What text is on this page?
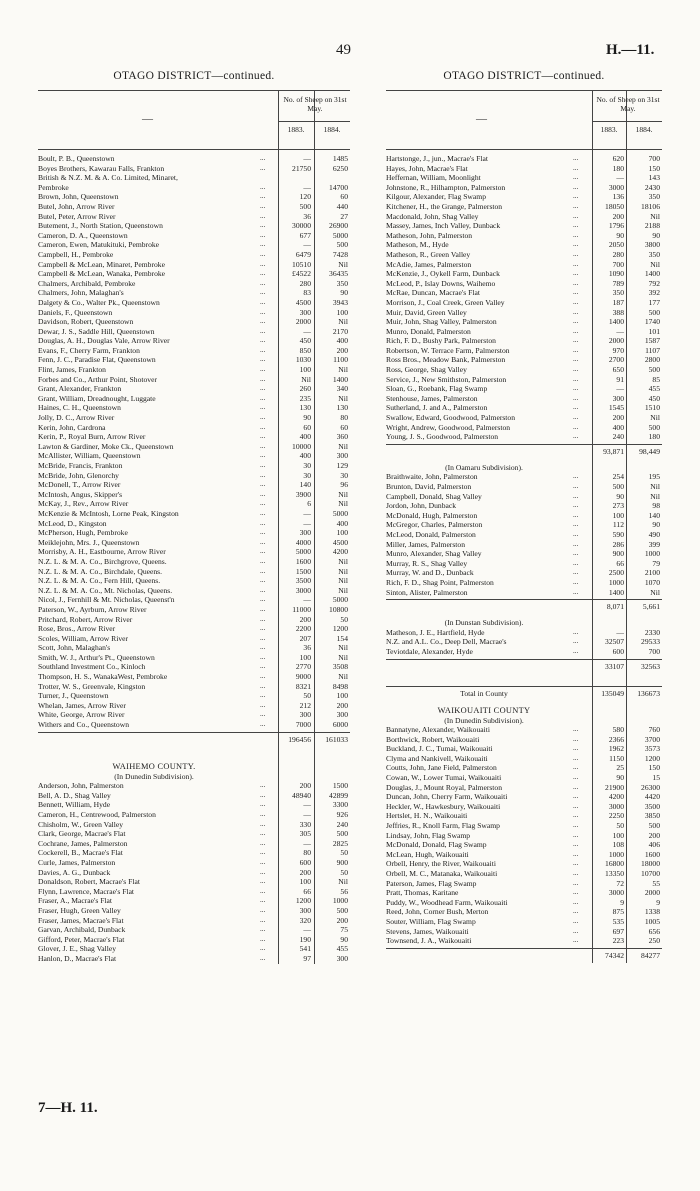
49	H.—11.
OTAGO DISTRICT—continued.
—
No. of Sheep on 31st May.
1883.	1884.
Boult, P. B., Queenstown	...	—	1485
Boyes Brothers, Kawarau Falls, Frankton	...	21750	6250
British & N.Z. M. & A. Co. Limited, Minaret,
Pembroke	...	—	14700
Brown, John, Queenstown	...	120	60
Butel, John, Arrow River	...	500	440
Butel, Peter, Arrow River	...	36	27
Butement, J., North Station, Queenstown	...	30000	26900
Cameron, D. A., Queenstown	...	677	5000
Cameron, Ewen, Matukituki, Pembroke	...	—	500
Campbell, H., Pembroke	...	6479	7428
Campbell & McLean, Minaret, Pembroke	...	10510	Nil
Campbell & McLean, Wanaka, Pembroke	...	£4522	36435
Chalmers, Archibald, Pembroke	...	280	350
Chalmers, John, Malaghan's	...	83	90
Dalgety & Co., Walter Pk., Queenstown	...	4500	3943
Daniels, F., Queenstown	...	300	100
Davidson, Robert, Queenstown	...	2000	Nil
Dewar, J. S., Saddle Hill, Queenstown	...	—	2170
Douglas, A. H., Douglas Vale, Arrow River	...	450	400
Evans, F., Cherry Farm, Frankton	...	850	200
Fenn, J. C., Paradise Flat, Queenstown	...	1030	1100
Flint, James, Frankton	...	100	Nil
Forbes and Co., Arthur Point, Shotover	...	Nil	1400
Grant, Alexander, Frankton	...	260	340
Grant, William, Dreadnought, Luggate	...	235	Nil
Haines, C. H., Queenstown	...	130	130
Jolly, D. C., Arrow River	...	90	80
Kerin, John, Cardrona	...	60	60
Kerin, P., Royal Burn, Arrow River	...	400	360
Lawton & Gardiner, Moke Ck., Queenstown	...	10000	Nil
McAllister, William, Queenstown	...	400	300
McBride, Francis, Frankton	...	30	129
McBride, John, Glenorchy	...	30	30
McDonell, T., Arrow River	...	140	96
McIntosh, Angus, Skipper's	...	3900	Nil
McKay, J., Rev., Arrow River	...	6	Nil
McKenzie & McIntosh, Lorne Peak, Kingston	...	—	5000
McLeod, D., Kingston	...	—	400
McPherson, Hugh, Pembroke	...	300	100
Meiklejohn, Mrs. J., Queenstown	...	4000	4500
Morrisby, A. H., Eastbourne, Arrow River	...	5000	4200
N.Z. L. & M. A. Co., Birchgrove, Queens.	...	1600	Nil
N.Z. L. & M. A. Co., Birchdale, Queens.	...	1500	Nil
N.Z. L. & M. A. Co., Fern Hill, Queens.	...	3500	Nil
N.Z. L. & M. A. Co., Mt. Nicholas, Queens.	...	3000	Nil
Nicol, J., Fernhill & Mt. Nicholas, Queenst'n	...	—	5000
Paterson, W., Ayrburn, Arrow River	...	11000	10800
Pritchard, Robert, Arrow River	...	200	50
Rose, Bros., Arrow River	...	2200	1200
Scoles, William, Arrow River	...	207	154
Scott, John, Malaghan's	...	36	Nil
Smith, W. J., Arthur's Pt., Queenstown	...	100	Nil
Southland Investment Co., Kinloch	...	2770	3508
Thompson, H. S., WanakaWest, Pembroke	...	9000	Nil
Trotter, W. S., Greenvale, Kingston	...	8321	8498
Turner, J., Queenstown	...	50	100
Whelan, James, Arrow River	...	212	200
White, George, Arrow River	...	300	300
Withers and Co., Queenstown	...	7000	6000
196456	161033
WAIHEMO COUNTY.
(In Dunedin Subdivision).
Anderson, John, Palmerston	...	200	1500
Bell, A. D., Shag Valley	...	48940	42899
Bennett, William, Hyde	...	—	3300
Cameron, H., Centrewood, Palmerston	...	—	926
Chisholm, W., Green Valley	...	330	240
Clark, George, Macrae's Flat	...	305	500
Cochrane, James, Palmerston	...	—	2825
Cockerell, B., Macrae's Flat	...	80	50
Curle, James, Palmerston	...	600	900
Davies, A. G., Dunback	...	200	50
Donaldson, Robert, Macrae's Flat	...	100	Nil
Flynn, Lawrence, Macrae's Flat	...	66	56
Fraser, A., Macrae's Flat	...	1200	1000
Fraser, Hugh, Green Valley	...	300	500
Fraser, James, Macrae's Flat	...	320	200
Garvan, Archibald, Dunback	...	—	75
Gifford, Peter, Macrae's Flat	...	190	90
Glover, J. E., Shag Valley	...	541	455
Hanlon, D., Macrae's Flat	...	97	300
OTAGO DISTRICT—continued.
—
No. of Sheep on 31st May.
1883.	1884.
Hartstonge, J., jun., Macrae's Flat	...	620	700
Hayes, John, Macrae's Flat	...	180	150
Heffernan, William, Moonlight	...	—	143
Johnstone, R., Hilhampton, Palmerston	...	3000	2430
Kilgour, Alexander, Flag Swamp	...	136	350
Kitchener, H., the Grange, Palmerston	...	18050	18106
Macdonald, John, Shag Valley	...	200	Nil
Massey, James, Inch Valley, Dunback	...	1796	2188
Matheson, John, Palmerston	...	90	90
Matheson, M., Hyde	...	2050	3800
Matheson, R., Green Valley	...	280	350
McAdie, James, Palmerston	...	700	Nil
McKenzie, J., Oykell Farm, Dunback	...	1090	1400
McLeod, P., Islay Downs, Waihemo	...	789	792
McRae, Duncan, Macrae's Flat	...	350	392
Morrison, J., Coal Creek, Green Valley	...	187	177
Muir, David, Green Valley	...	388	500
Muir, John, Shag Valley, Palmerston	...	1400	1740
Munro, Donald, Palmerston	...	—	101
Rich, F. D., Bushy Park, Palmerston	...	2000	1587
Robertson, W. Terrace Farm, Palmerston	...	970	1107
Ross Bros., Meadow Bank, Palmerston	...	2700	2800
Ross, George, Shag Valley	...	650	500
Service, J., New Smithston, Palmerston	...	91	85
Sloan, G., Roebank, Flag Swamp	...	—	455
Stenhouse, James, Palmerston	...	300	450
Sutherland, J. and A., Palmerston	...	1545	1510
Swallow, Edward, Goodwood, Palmerston	...	200	Nil
Wright, Andrew, Goodwood, Palmerston	...	400	500
Young, J. S., Goodwood, Palmerston	...	240	180
93,871	98,449
(In Oamaru Subdivision).
Braithwaite, John, Palmerston	...	254	195
Brunton, David, Palmerston	...	500	Nil
Campbell, Donald, Shag Valley	...	90	Nil
Jordon, John, Dunback	...	273	98
McDonald, Hugh, Palmerston	...	100	140
McGregor, Charles, Palmerston	...	112	90
McLeod, Donald, Palmerston	...	590	490
Miller, James, Palmerston	...	286	399
Munro, Alexander, Shag Valley	...	900	1000
Murray, R. S., Shag Valley	...	66	79
Murray, W. and D., Dunback	...	2500	2100
Rich, F. D., Shag Point, Palmerston	...	1000	1070
Sinton, Alister, Palmerston	...	1400	Nil
8,071	5,661
(In Dunstan Subdivision).
Matheson, J. E., Hartfield, Hyde	...	—	2330
N.Z. and A.L. Co., Deep Dell, Macrae's	...	32507	29533
Teviotdale, Alexander, Hyde	...	600	700
33107	32563
Total in County	135049	136673
WAIKOUAITI COUNTY
(In Dunedin Subdivision).
Bannatyne, Alexander, Waikouaiti	...	580	760
Borthwick, Robert, Waikouaiti	...	2366	3700
Buckland, J. C., Tumai, Waikouaiti	...	1962	3573
Clyma and Nankivell, Waikouaiti	...	1150	1200
Coutts, John, Jane Field, Palmerston	...	25	150
Cowan, W., Lower Tumai, Waikouaiti	...	90	15
Douglas, J., Mount Royal, Palmerston	...	21900	26300
Duncan, John, Cherry Farm, Waikouaiti	...	4200	4420
Heckler, W., Hawkesbury, Waikouaiti	...	3000	3500
Hertslet, H. N., Waikouaiti	...	2250	3850
Jeffries, R., Knoll Farm, Flag Swamp	...	50	500
Lindsay, John, Flag Swamp	...	100	200
McDonald, Donald, Flag Swamp	...	108	406
McLean, Hugh, Waikouaiti	...	1000	1600
Orbell, Henry, the River, Waikouaiti	...	16800	18000
Orbell, M. C., Matanaka, Waikouaiti	...	13350	10700
Paterson, James, Flag Swamp	...	72	55
Pratt, Thomas, Karitane	...	3000	2000
Puddy, W., Woodhead Farm, Waikouaiti	...	9	9
Reed, John, Corner Bush, Merton	...	875	1338
Souter, William, Flag Swamp	...	535	1005
Stevens, James, Waikouaiti	...	697	656
Townsend, J. A., Waikouaiti	...	223	250
74342	84277
7—H. 11.
